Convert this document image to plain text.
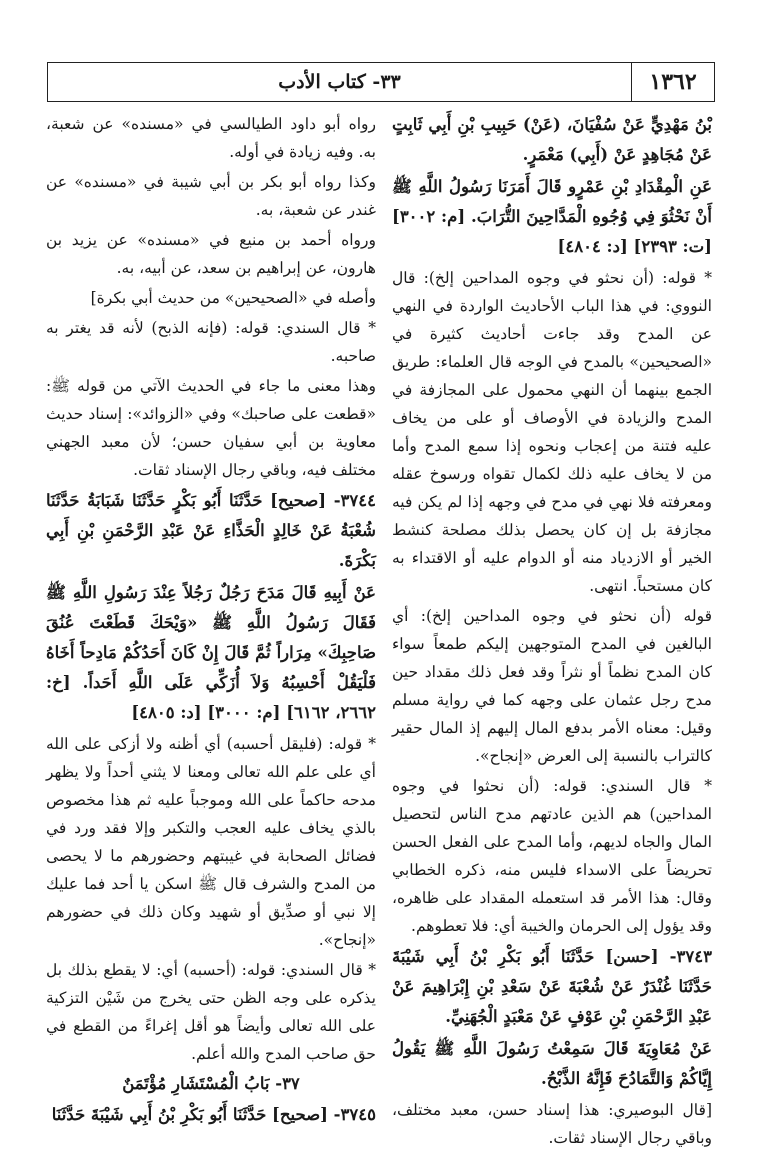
١٣٦٢
٣٣- كتاب الأدب

بْنُ مَهْدِيٍّ عَنْ سُفْيَانَ، (عَنْ) حَبِيبِ بْنِ أَبِي ثَابِتٍ عَنْ مُجَاهِدٍ عَنْ (أَبِي) مَعْمَرٍ.

عَنِ الْمِقْدَادِ بْنِ عَمْرٍو قَالَ أَمَرَنَا رَسُولُ اللَّهِ ﷺ أَنْ نَحْثُوَ فِي وُجُوهِ الْمَدَّاحِينَ التُّرَابَ. [م: ٣٠٠٢] [ت: ٢٣٩٣] [د: ٤٨٠٤]

* قوله: (أن نحثو في وجوه المداحين إلخ): قال النووي: في هذا الباب الأحاديث الواردة في النهي عن المدح وقد جاءت أحاديث كثيرة في «الصحيحين» بالمدح في الوجه قال العلماء: طريق الجمع بينهما أن النهي محمول على المجازفة في المدح والزيادة في الأوصاف أو على من يخاف عليه فتنة من إعجاب ونحوه إذا سمع المدح وأما من لا يخاف عليه ذلك لكمال تقواه ورسوخ عقله ومعرفته فلا نهي في مدح في وجهه إذا لم يكن فيه مجازفة بل إن كان يحصل بذلك مصلحة كنشط الخير أو الازدياد منه أو الدوام عليه أو الاقتداء به كان مستحباً. انتهى.

قوله (أن نحثو في وجوه المداحين إلخ): أي البالغين في المدح المتوجهين إليكم طمعاً سواء كان المدح نظماً أو نثراً وقد فعل ذلك مقداد حين مدح رجل عثمان على وجهه كما في رواية مسلم وقيل: معناه الأمر بدفع المال إليهم إذ المال حقير كالتراب بالنسبة إلى العرض «إنجاح».

* قال السندي: قوله: (أن نحثوا في وجوه المداحين) هم الذين عادتهم مدح الناس لتحصيل المال والجاه لديهم، وأما المدح على الفعل الحسن تحريضاً على الاسداء فليس منه، ذكره الخطابي وقال: هذا الأمر قد استعمله المقداد على ظاهره، وقد يؤول إلى الحرمان والخيبة أي: فلا تعطوهم.

٣٧٤٣- [حسن] حَدَّثَنَا أَبُو بَكْرِ بْنُ أَبِي شَيْبَةَ حَدَّثَنَا غُنْدَرٌ عَنْ شُعْبَةَ عَنْ سَعْدِ بْنِ إِبْرَاهِيمَ عَنْ عَبْدِ الرَّحْمَنِ بْنِ عَوْفٍ عَنْ مَعْبَدٍ الْجُهَنِيِّ.

عَنْ مُعَاوِيَةَ قَالَ سَمِعْتُ رَسُولَ اللَّهِ ﷺ يَقُولُ إِيَّاكُمْ وَالتَّمَادُحَ فَإِنَّهُ الذَّبْحُ.

[قال البوصيري: هذا إسناد حسن، معبد مختلف، وباقي رجال الإسناد ثقات.

رواه أبو داود الطيالسي في «مسنده» عن شعبة، به. وفيه زيادة في أوله.

وكذا رواه أبو بكر بن أبي شيبة في «مسنده» عن غندر عن شعبة، به.

ورواه أحمد بن منيع في «مسنده» عن يزيد بن هارون، عن إبراهيم بن سعد، عن أبيه، به.

وأصله في «الصحيحين» من حديث أبي بكرة]

* قال السندي: قوله: (فإنه الذبح) لأنه قد يغتر به صاحبه.

وهذا معنى ما جاء في الحديث الآتي من قوله ﷺ: «قطعت على صاحبك» وفي «الزوائد»: إسناد حديث معاوية بن أبي سفيان حسن؛ لأن معبد الجهني مختلف فيه، وباقي رجال الإسناد ثقات.

٣٧٤٤- [صحيح] حَدَّثَنَا أَبُو بَكْرٍ حَدَّثَنَا شَبَابَةُ حَدَّثَنَا شُعْبَةُ عَنْ خَالِدٍ الْحَذَّاءِ عَنْ عَبْدِ الرَّحْمَنِ بْنِ أَبِي بَكْرَةَ.

عَنْ أَبِيهِ قَالَ مَدَحَ رَجُلٌ رَجُلاً عِنْدَ رَسُولِ اللَّهِ ﷺ فَقَالَ رَسُولُ اللَّهِ ﷺ «وَيْحَكَ قَطَعْتَ عُنُقَ صَاحِبِكَ» مِرَاراً ثُمَّ قَالَ إِنْ كَانَ أَحَدُكُمْ مَادِحاً أَخَاهُ فَلْيَقُلْ أَحْسِبُهُ وَلاَ أُزَكِّي عَلَى اللَّهِ أَحَداً. [خ: ٢٦٦٢، ٦١٦٢] [م: ٣٠٠٠] [د: ٤٨٠٥]

* قوله: (فليقل أحسبه) أي أظنه ولا أزكى على الله أي على علم الله تعالى ومعنا لا يثني أحداً ولا يظهر مدحه حاكماً على الله وموجباً عليه ثم هذا مخصوص بالذي يخاف عليه العجب والتكبر وإلا فقد ورد في فضائل الصحابة في غيبتهم وحضورهم ما لا يحصى من المدح والشرف قال ﷺ اسكن يا أحد فما عليك إلا نبي أو صدِّيق أو شهيد وكان ذلك في حضورهم «إنجاح».

* قال السندي: قوله: (أحسبه) أي: لا يقطع بذلك بل يذكره على وجه الظن حتى يخرج من شَيْن التزكية على الله تعالى وأيضاً هو أقل إغراءً من القطع في حق صاحب المدح والله أعلم.

٣٧- بَابُ الْمُسْتَشَارِ مُؤْتَمَنٌ

٣٧٤٥- [صحيح] حَدَّثَنَا أَبُو بَكْرِ بْنُ أَبِي شَيْبَةَ حَدَّثَنَا
